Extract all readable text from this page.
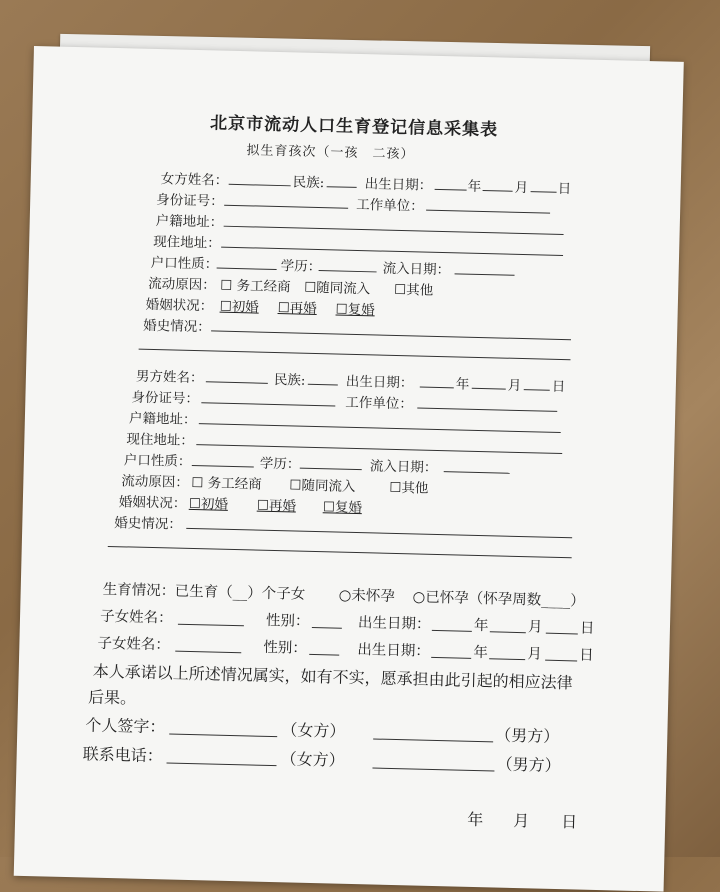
北京市流动人口生育登记信息采集表
拟生育孩次（一孩　二孩）
女方姓名：	民族:	出生日期：	年 月 日
身份证号：	工作单位：
户籍地址：
现住地址：
户口性质：	学历：	流入日期：
流动原因： ☐ 务工经商 ☐随同流入 ☐其他
婚姻状况： ☐初婚 ☐再婚 ☐复婚
婚史情况：
男方姓名：	民族:	出生日期：	年	月 日
身份证号：	工作单位：
户籍地址：
现住地址：
户口性质：	学历：	流入日期：
流动原因： ☐ 务工经商 ☐随同流入 ☐其他
婚姻状况： ☐初婚 ☐再婚 ☐复婚
婚史情况：
生育情况： 已生育（__）个子女 ○未怀孕 ○已怀孕（怀孕周数____）
子女姓名：	性别：	出生日期：	年	月	日
子女姓名：	性别：	出生日期：	年	月	日
本人承诺以上所述情况属实，如有不实，愿承担由此引起的相应法律
后果。
个人签字：	（女方）	（男方）
联系电话：	（女方）	（男方）
年 月 日
